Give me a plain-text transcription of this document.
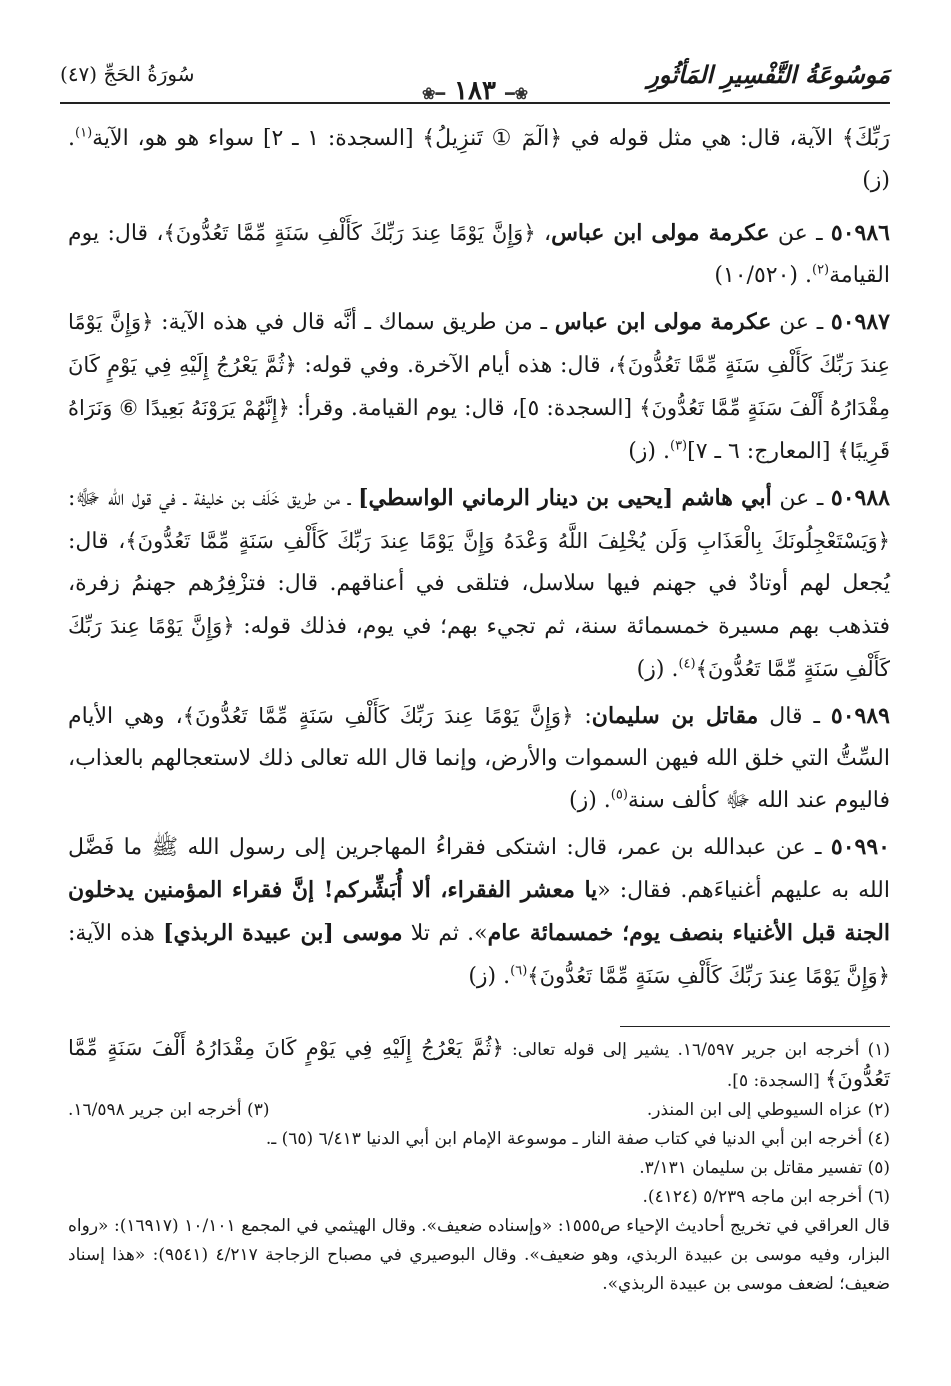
مَوسُوعَةُ التَّفْسِيرِ المَأثُورِ
❀━ ١٨٣ ━❀
سُورَةُ الحَجِّ (٤٧)

رَبِّكَ﴾ الآية، قال: هي مثل قوله في ﴿الٓمٓ ① تَنزِيلُ﴾ [السجدة: ١ ـ ٢] سواء هو هو، الآية$^{(١)}$. (ز)

٥٠٩٨٦ ـ عن عكرمة مولى ابن عباس، ﴿وَإِنَّ يَوْمًا عِندَ رَبِّكَ كَأَلْفِ سَنَةٍ مِّمَّا تَعُدُّونَ﴾، قال: يوم القيامة$^{(٢)}$. (١٠/٥٢٠)

٥٠٩٨٧ ـ عن عكرمة مولى ابن عباس ـ من طريق سماك ـ أنَّه قال في هذه الآية: ﴿وَإِنَّ يَوْمًا عِندَ رَبِّكَ كَأَلْفِ سَنَةٍ مِّمَّا تَعُدُّونَ﴾، قال: هذه أيام الآخرة. وفي قوله: ﴿ثُمَّ يَعْرُجُ إِلَيْهِ فِي يَوْمٍ كَانَ مِقْدَارُهُ أَلْفَ سَنَةٍ مِّمَّا تَعُدُّونَ﴾ [السجدة: ٥]، قال: يوم القيامة. وقرأ: ﴿إِنَّهُمْ يَرَوْنَهُ بَعِيدًا ⑥ وَنَرَاهُ قَرِيبًا﴾ [المعارج: ٦ ـ ٧]$^{(٣)}$. (ز)

٥٠٩٨٨ ـ عن أبي هاشم [يحيى بن دينار الرماني الواسطي] ـ من طريق خَلَف بن خليفة ـ في قول الله ﷻ: ﴿وَيَسْتَعْجِلُونَكَ بِالْعَذَابِ وَلَن يُخْلِفَ اللَّهُ وَعْدَهُ وَإِنَّ يَوْمًا عِندَ رَبِّكَ كَأَلْفِ سَنَةٍ مِّمَّا تَعُدُّونَ﴾، قال: يُجعل لهم أوتادٌ في جهنم فيها سلاسل، فتلقى في أعناقهم. قال: فتزْفِرُهم جهنمُ زفرة، فتذهب بهم مسيرة خمسمائة سنة، ثم تجيء بهم؛ في يوم، فذلك قوله: ﴿وَإِنَّ يَوْمًا عِندَ رَبِّكَ كَأَلْفِ سَنَةٍ مِّمَّا تَعُدُّونَ﴾$^{(٤)}$. (ز)

٥٠٩٨٩ ـ قال مقاتل بن سليمان: ﴿وَإِنَّ يَوْمًا عِندَ رَبِّكَ كَأَلْفِ سَنَةٍ مِّمَّا تَعُدُّونَ﴾، وهي الأيام السِّتُّ التي خلق الله فيهن السموات والأرض، وإنما قال الله تعالى ذلك لاستعجالهم بالعذاب، فاليوم عند الله ﷻ كألف سنة$^{(٥)}$. (ز)

٥٠٩٩٠ ـ عن عبدالله بن عمر، قال: اشتكى فقراءُ المهاجرين إلى رسول الله ﷺ ما فَضَّل الله به عليهم أغنياءَهم. فقال: «يا معشر الفقراء، ألا أُبَشِّركم! إنَّ فقراء المؤمنين يدخلون الجنة قبل الأغنياء بنصف يوم؛ خمسمائة عام». ثم تلا موسى [بن عبيدة الربذي] هذه الآية: ﴿وَإِنَّ يَوْمًا عِندَ رَبِّكَ كَأَلْفِ سَنَةٍ مِّمَّا تَعُدُّونَ﴾$^{(٦)}$. (ز)

(١) أخرجه ابن جرير ١٦/٥٩٧. يشير إلى قوله تعالى: ﴿ثُمَّ يَعْرُجُ إِلَيْهِ فِي يَوْمٍ كَانَ مِقْدَارُهُ أَلْفَ سَنَةٍ مِّمَّا تَعُدُّونَ﴾ [السجدة: ٥].

(٢) عزاه السيوطي إلى ابن المنذر.

(٣) أخرجه ابن جرير ١٦/٥٩٨.

(٤) أخرجه ابن أبي الدنيا في كتاب صفة النار ـ موسوعة الإمام ابن أبي الدنيا ٦/٤١٣ (٦٥) ـ.

(٥) تفسير مقاتل بن سليمان ٣/١٣١.

(٦) أخرجه ابن ماجه ٥/٢٣٩ (٤١٢٤).

قال العراقي في تخريج أحاديث الإحياء ص١٥٥٥: «وإسناده ضعيف». وقال الهيثمي في المجمع ١٠/١٠١ (١٦٩١٧): «رواه البزار، وفيه موسى بن عبيدة الربذي، وهو ضعيف». وقال البوصيري في مصباح الزجاجة ٤/٢١٧ (٩٥٤١): «هذا إسناد ضعيف؛ لضعف موسى بن عبيدة الربذي».
